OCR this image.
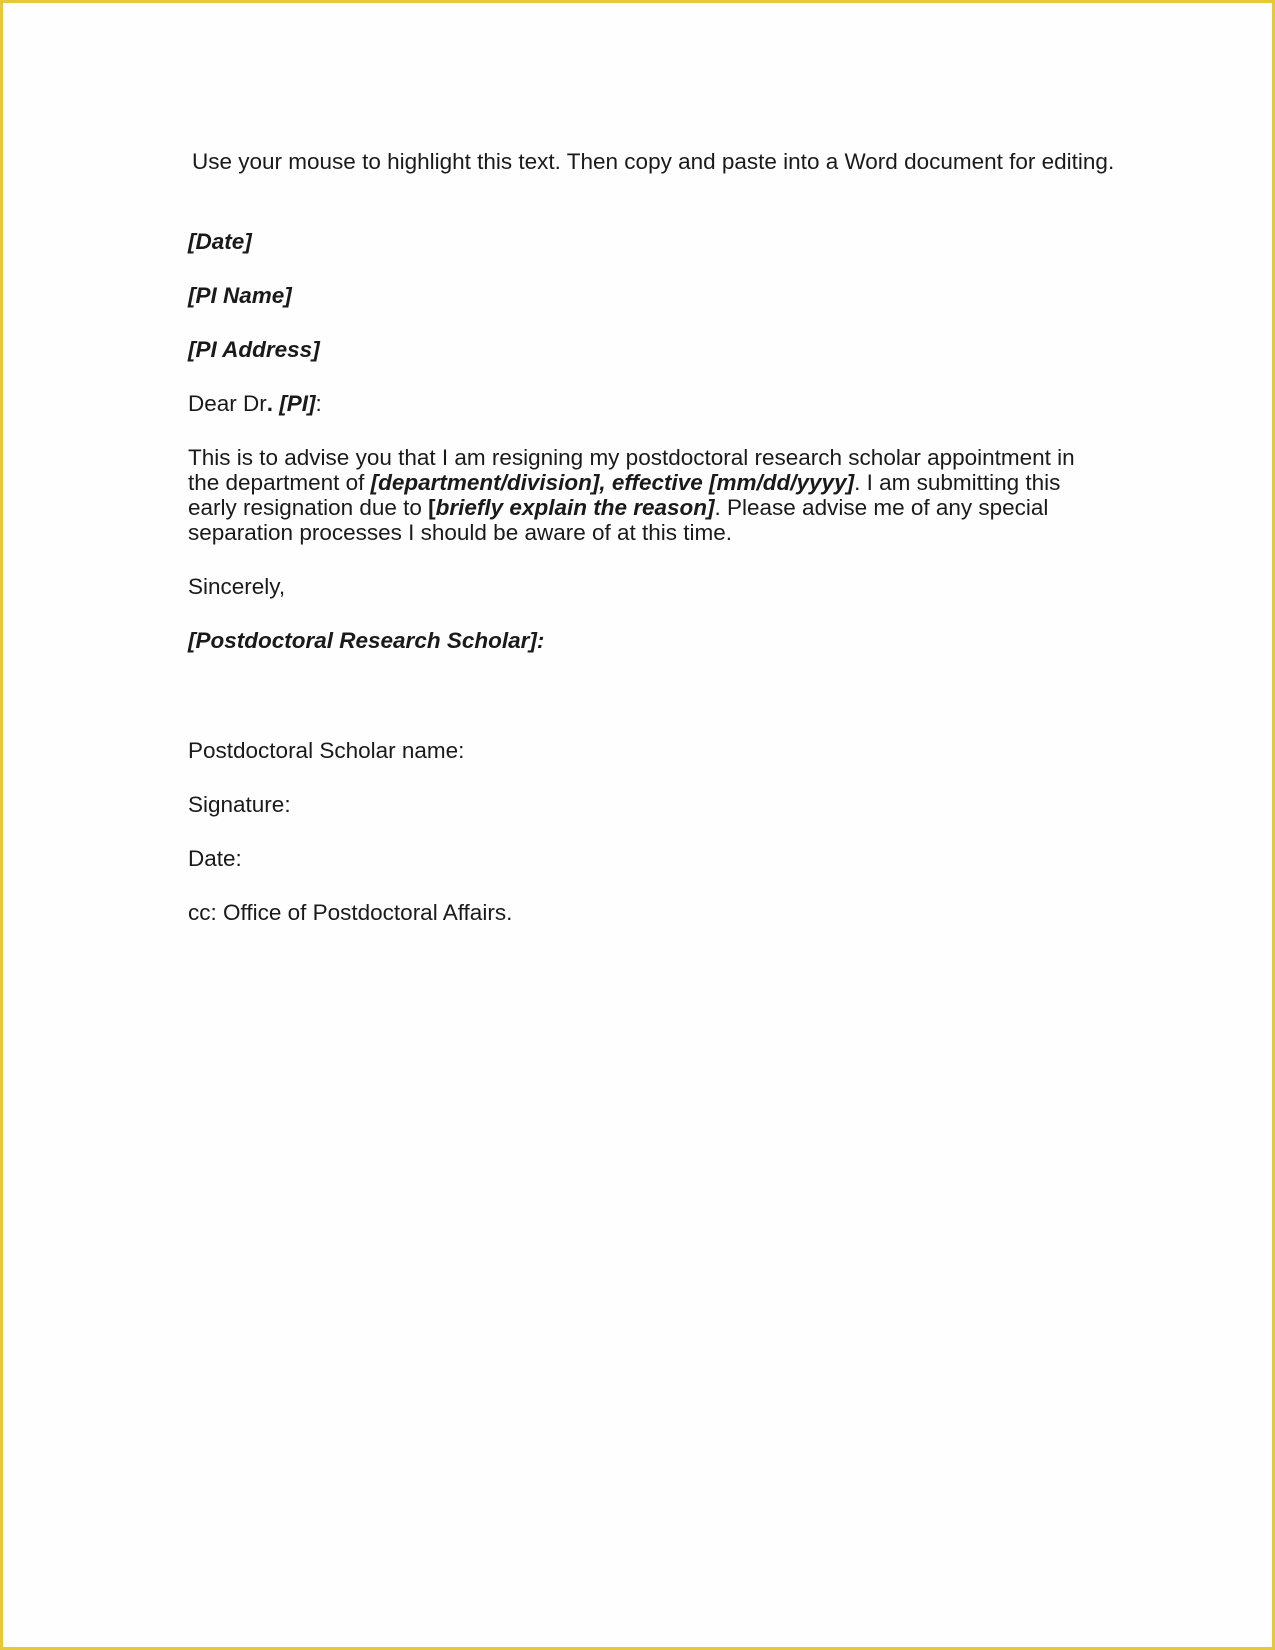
Use your mouse to highlight this text. Then copy and paste into a Word document for editing.
[Date]
[PI Name]
[PI Address]
Dear Dr. [PI]:
This is to advise you that I am resigning my postdoctoral research scholar appointment in the department of [department/division], effective [mm/dd/yyyy]. I am submitting this early resignation due to [briefly explain the reason]. Please advise me of any special separation processes I should be aware of at this time.
Sincerely,
[Postdoctoral Research Scholar]:
Postdoctoral Scholar name:
Signature:
Date:
cc: Office of Postdoctoral Affairs.
